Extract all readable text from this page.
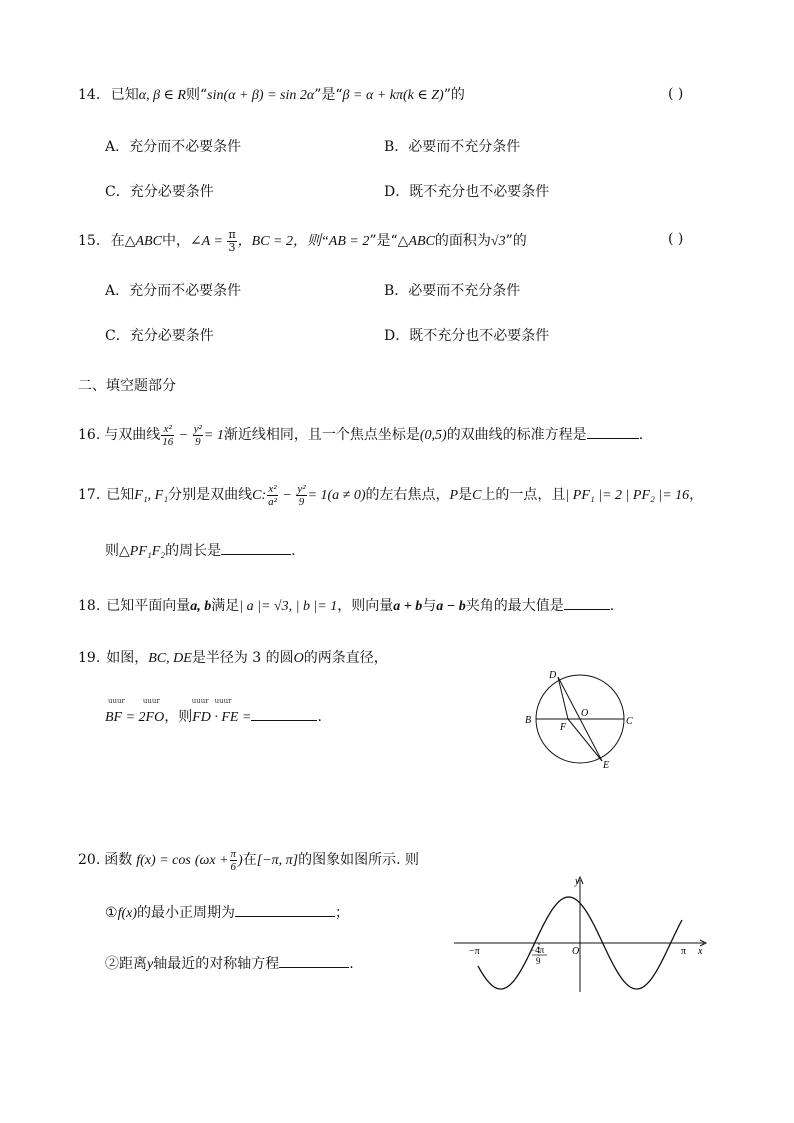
14. 已知α, β ∈ R则“sin(α + β) = sin 2α”是“β = α + kπ(k ∈ Z)”的	( )
A．充分而不必要条件	B．必要而不充分条件
C．充分必要条件	D．既不充分也不必要条件
15. 在△ABC中，∠A = $\frac{\pi}{3}$ ，BC = 2，则“AB = 2”是“△ABC的面积为√3”的	( )
A．充分而不必要条件	B．必要而不充分条件
C．充分必要条件	D．既不充分也不必要条件
二、填空题部分
16. 与双曲线 $\frac{\text{x²}}{16} - \frac{\text{y²}}{9} = 1$渐近线相同，且一个焦点坐标是(0,5)的双曲线的标准方程是	.
17. 已知F₁, F₁分别是双曲线C: $\frac{\text{x²}}{\text{a²}} - \frac{\text{y²}}{9} = 1(a \ne 0)$的左右焦点，P是C上的一点，且| PF₁ |= 2 | PF₂ |= 16，
则△PF₁F₂的周长是	.
18. 已知平面向量a, b满足| a |= √3, | b |= 1，则向量a + b与a − b夹角的最大值是	.
19. 如图，BC, DE是半径为 3 的圆O的两条直径，
uuur	uuur	uuur uuur
BF = 2FO，则FD · FE =	.
D
O
B
F
C
E
20. 函数 $f(x) = \cos (\omega x + \frac{\pi}{6}$ )在[−π, π]的图象如图所示. 则
①f(x)的最小正周期为	；
②距离y轴最近的对称轴方程	.
y
x
O
−π	π
−4π
9
